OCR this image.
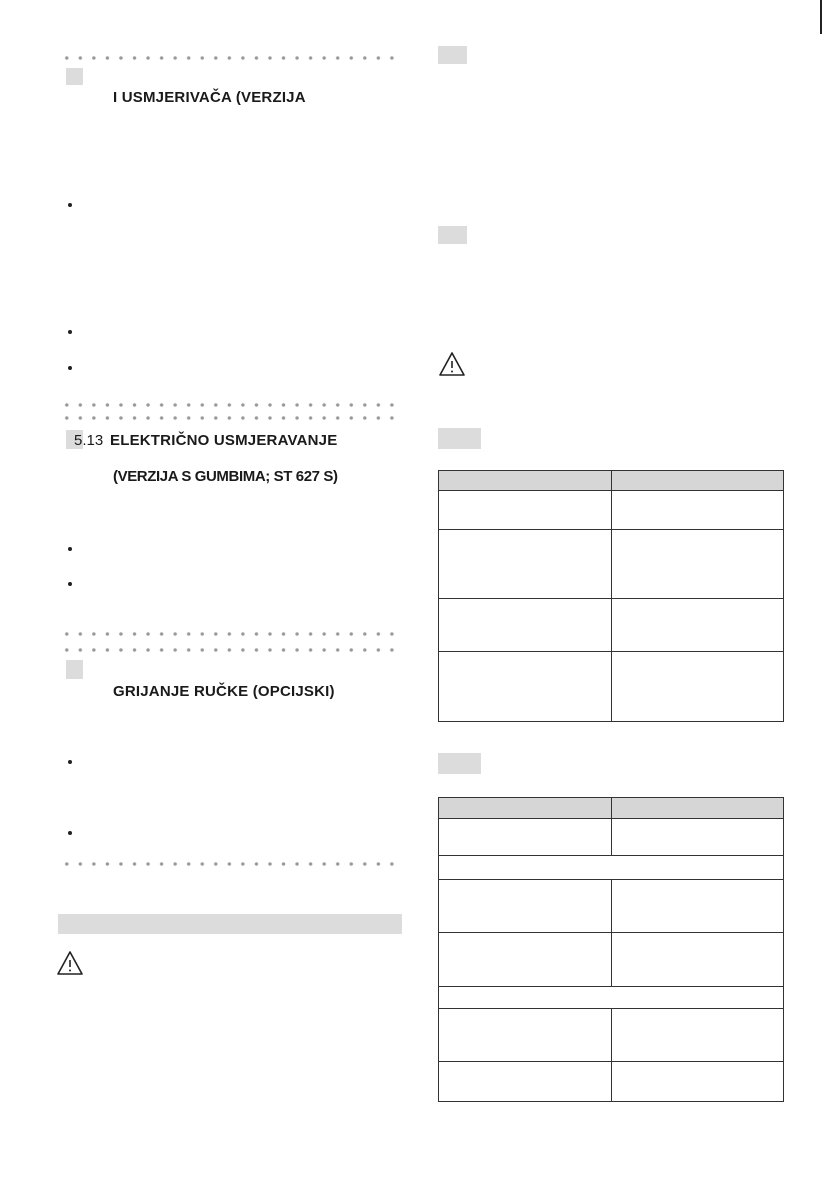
I USMJERIVAČA (VERZIJA
5.13 ELEKTRIČNO USMJERAVANJE
(VERZIJA S GUMBIMA; ST 627 S)
GRIJANJE RUČKE (OPCIJSKI)
